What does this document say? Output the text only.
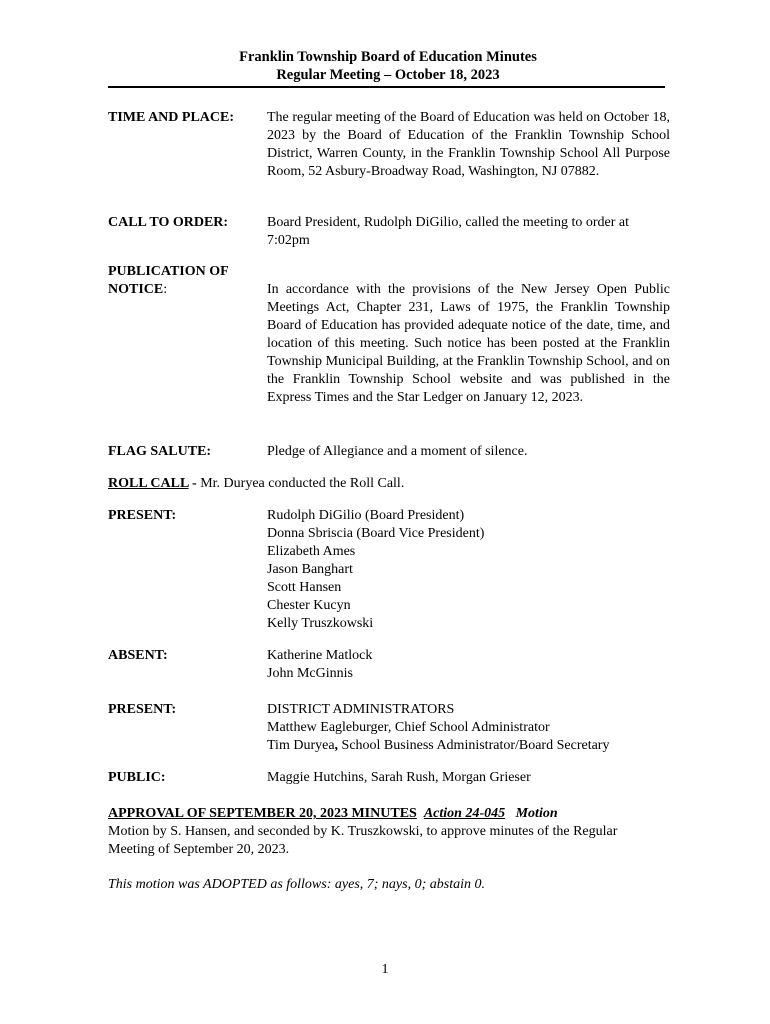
Franklin Township Board of Education Minutes
Regular Meeting – October 18, 2023
TIME AND PLACE:	The regular meeting of the Board of Education was held on October 18, 2023 by the Board of Education of the Franklin Township School District, Warren County, in the Franklin Township School All Purpose Room, 52 Asbury-Broadway Road, Washington, NJ 07882.
CALL TO ORDER:	Board President, Rudolph DiGilio, called the meeting to order at
7:02pm
PUBLICATION OF
NOTICE:	In accordance with the provisions of the New Jersey Open Public Meetings Act, Chapter 231, Laws of 1975, the Franklin Township Board of Education has provided adequate notice of the date, time, and location of this meeting. Such notice has been posted at the Franklin Township Municipal Building, at the Franklin Township School, and on the Franklin Township School website and was published in the Express Times and the Star Ledger on January 12, 2023.
FLAG SALUTE:	Pledge of Allegiance and a moment of silence.
ROLL CALL - Mr. Duryea conducted the Roll Call.
PRESENT:	Rudolph DiGilio (Board President)
Donna Sbriscia (Board Vice President)
Elizabeth Ames
Jason Banghart
Scott Hansen
Chester Kucyn
Kelly Truszkowski
ABSENT:	Katherine Matlock
John McGinnis
PRESENT:	DISTRICT ADMINISTRATORS
Matthew Eagleburger, Chief School Administrator
Tim Duryea, School Business Administrator/Board Secretary
PUBLIC:	Maggie Hutchins, Sarah Rush, Morgan Grieser
APPROVAL OF SEPTEMBER 20, 2023 MINUTES Action 24-045 Motion
Motion by S. Hansen, and seconded by K. Truszkowski, to approve minutes of the Regular
Meeting of September 20, 2023.
This motion was ADOPTED as follows: ayes, 7; nays, 0; abstain 0.
1
